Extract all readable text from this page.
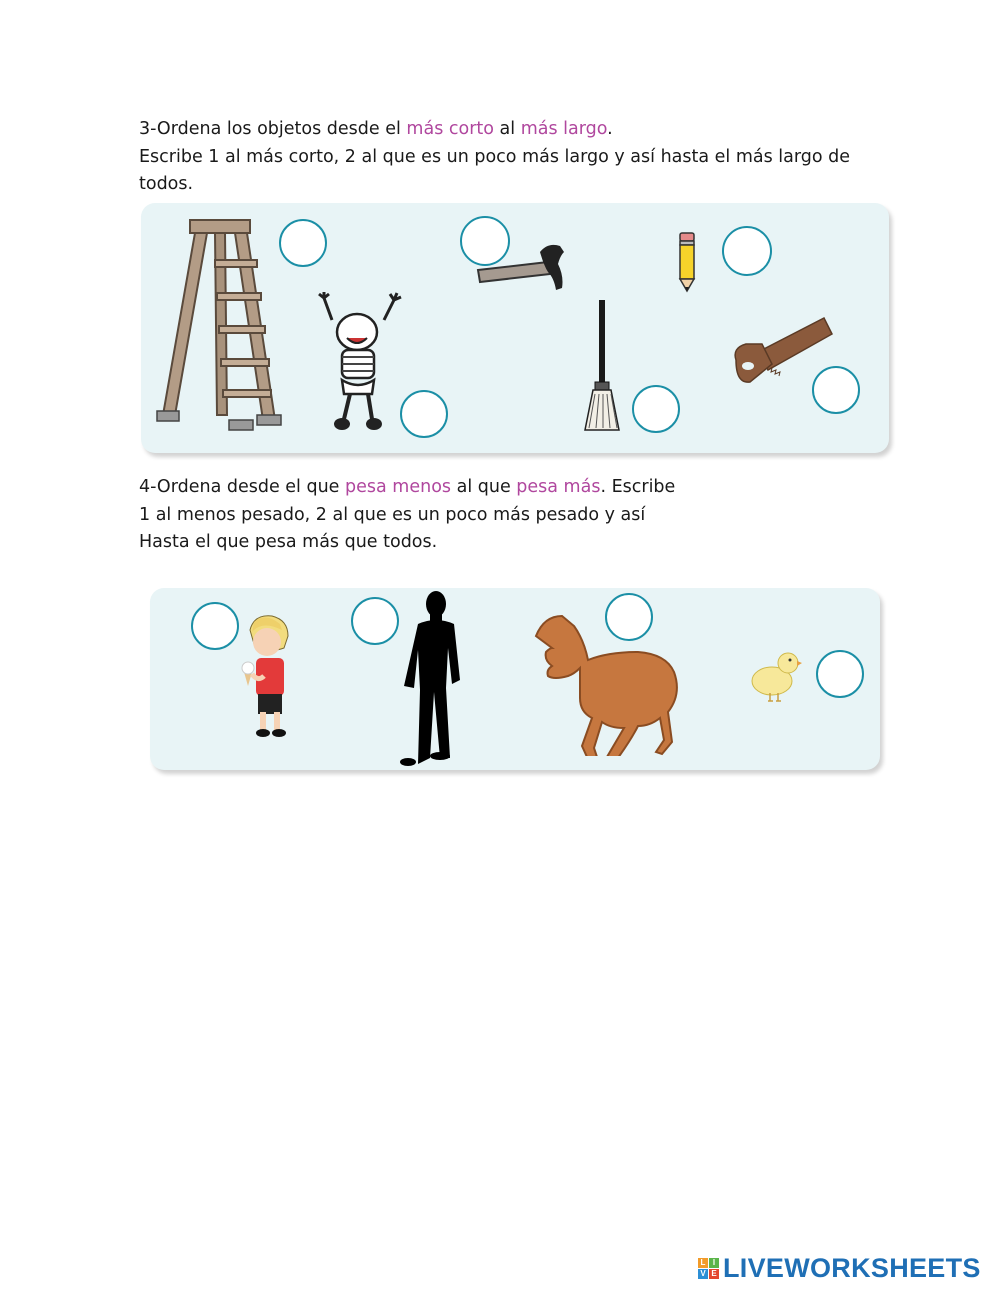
3-Ordena los objetos desde el más corto al más largo.
Escribe 1 al más corto, 2 al que es un poco más largo y así hasta el más largo de
todos.
4-Ordena desde el que pesa menos al que pesa más. Escribe
1 al menos pesado, 2 al que es un poco más pesado y así
Hasta el que pesa más que todos.
L I
V E LIVEWORKSHEETS
